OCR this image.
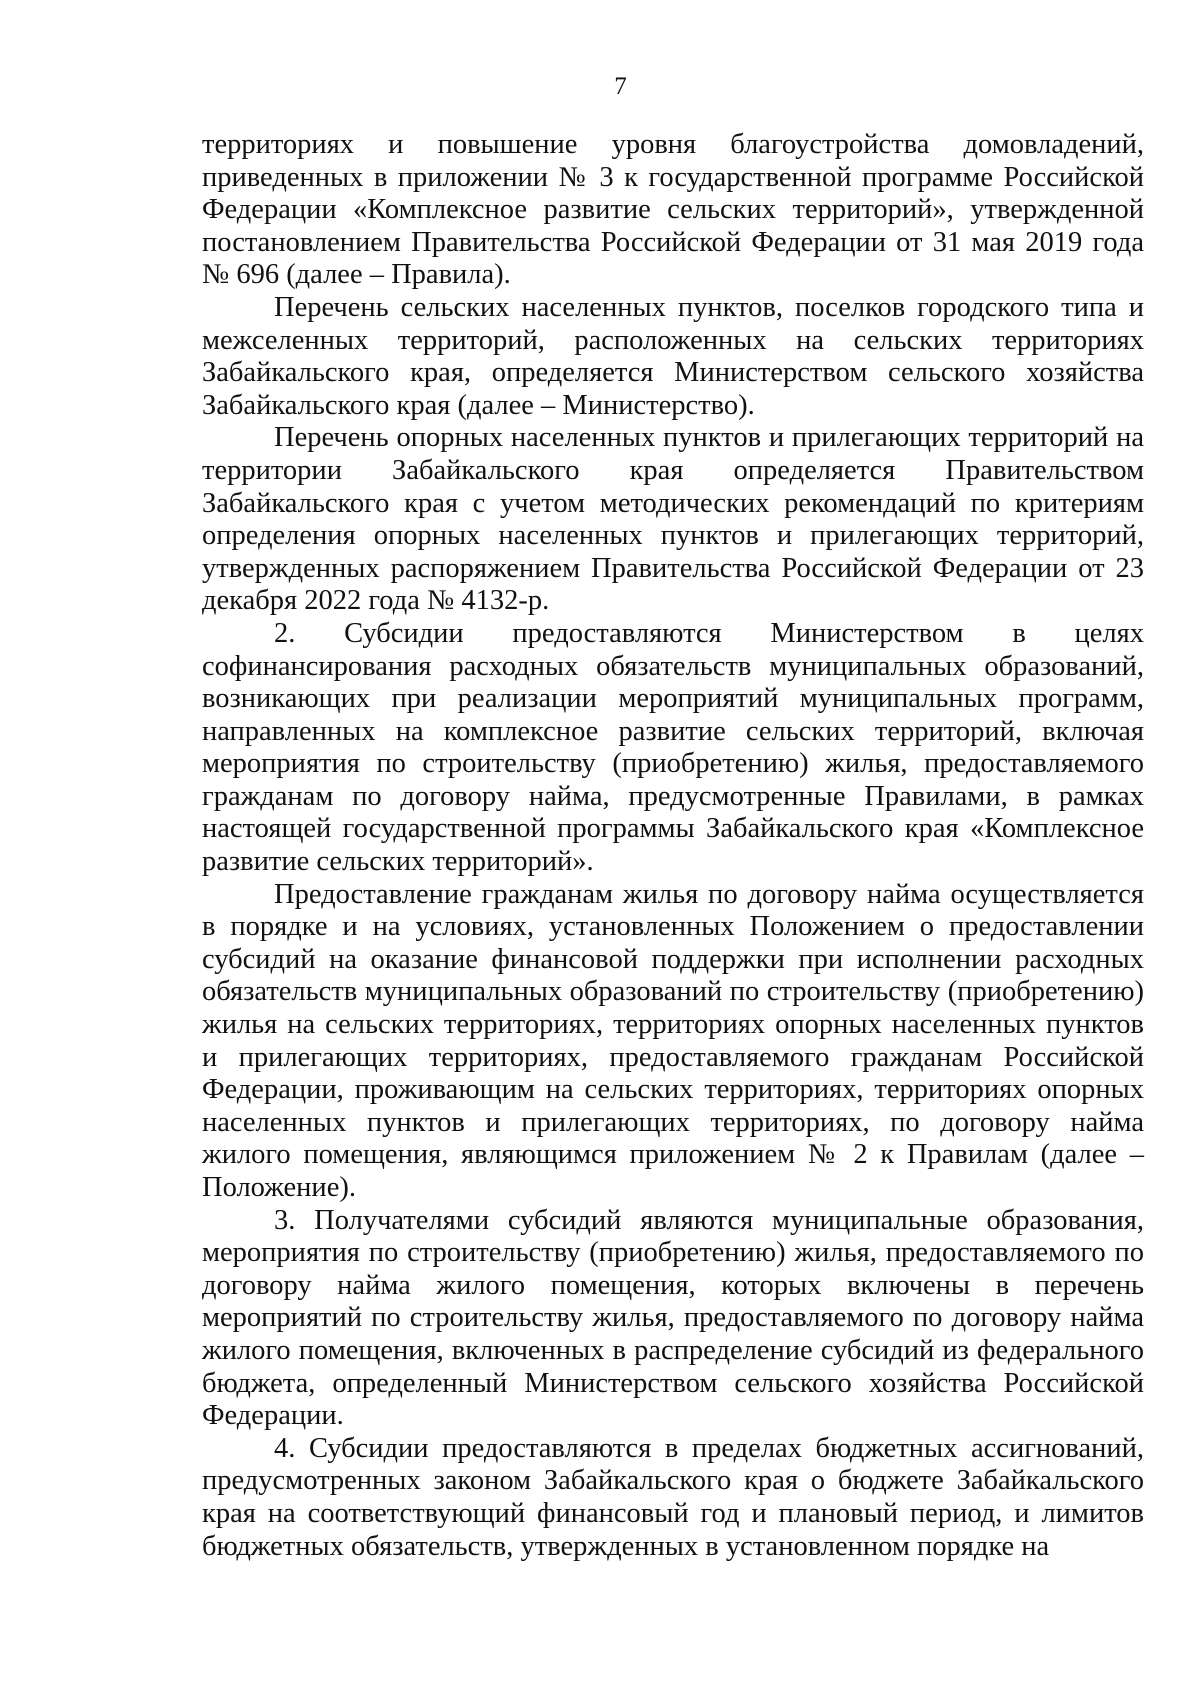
7

территориях и повышение уровня благоустройства домовладений, приведенных в приложении № 3 к государственной программе Российской Федерации «Комплексное развитие сельских территорий», утвержденной постановлением Правительства Российской Федерации от 31 мая 2019 года № 696 (далее – Правила).

Перечень сельских населенных пунктов, поселков городского типа и межселенных территорий, расположенных на сельских территориях Забайкальского края, определяется Министерством сельского хозяйства Забайкальского края (далее – Министерство).

Перечень опорных населенных пунктов и прилегающих территорий на территории Забайкальского края определяется Правительством Забайкальского края с учетом методических рекомендаций по критериям определения опорных населенных пунктов и прилегающих территорий, утвержденных распоряжением Правительства Российской Федерации от 23 декабря 2022 года № 4132-р.

2. Субсидии предоставляются Министерством в целях софинансирования расходных обязательств муниципальных образований, возникающих при реализации мероприятий муниципальных программ, направленных на комплексное развитие сельских территорий, включая мероприятия по строительству (приобретению) жилья, предоставляемого гражданам по договору найма, предусмотренные Правилами, в рамках настоящей государственной программы Забайкальского края «Комплексное развитие сельских территорий».

Предоставление гражданам жилья по договору найма осуществляется в порядке и на условиях, установленных Положением о предоставлении субсидий на оказание финансовой поддержки при исполнении расходных обязательств муниципальных образований по строительству (приобретению) жилья на сельских территориях, территориях опорных населенных пунктов и прилегающих территориях, предоставляемого гражданам Российской Федерации, проживающим на сельских территориях, территориях опорных населенных пунктов и прилегающих территориях, по договору найма жилого помещения, являющимся приложением № 2 к Правилам (далее – Положение).

3. Получателями субсидий являются муниципальные образования, мероприятия по строительству (приобретению) жилья, предоставляемого по договору найма жилого помещения, которых включены в перечень мероприятий по строительству жилья, предоставляемого по договору найма жилого помещения, включенных в распределение субсидий из федерального бюджета, определенный Министерством сельского хозяйства Российской Федерации.

4. Субсидии предоставляются в пределах бюджетных ассигнований, предусмотренных законом Забайкальского края о бюджете Забайкальского края на соответствующий финансовый год и плановый период, и лимитов бюджетных обязательств, утвержденных в установленном порядке на
